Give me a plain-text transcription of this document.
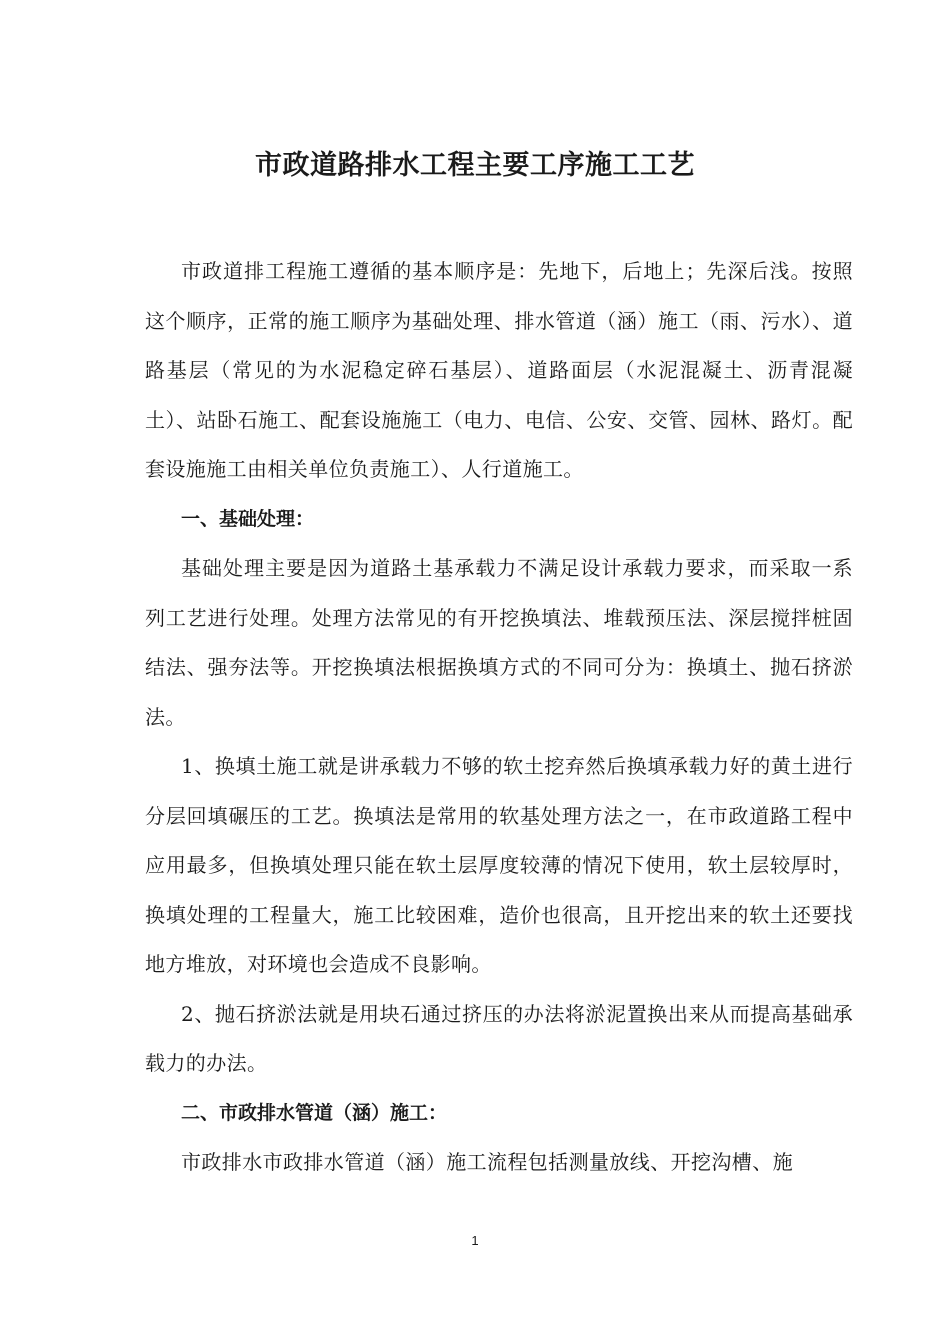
市政道路排水工程主要工序施工工艺

市政道排工程施工遵循的基本顺序是：先地下，后地上；先深后浅。按照这个顺序，正常的施工顺序为基础处理、排水管道（涵）施工（雨、污水）、道路基层（常见的为水泥稳定碎石基层）、道路面层（水泥混凝土、沥青混凝土）、站卧石施工、配套设施施工（电力、电信、公安、交管、园林、路灯。配套设施施工由相关单位负责施工）、人行道施工。

一、基础处理：

基础处理主要是因为道路土基承载力不满足设计承载力要求，而采取一系列工艺进行处理。处理方法常见的有开挖换填法、堆载预压法、深层搅拌桩固结法、强夯法等。开挖换填法根据换填方式的不同可分为：换填土、抛石挤淤法。

1、换填土施工就是讲承载力不够的软土挖弃然后换填承载力好的黄土进行分层回填碾压的工艺。换填法是常用的软基处理方法之一，在市政道路工程中应用最多，但换填处理只能在软土层厚度较薄的情况下使用，软土层较厚时，换填处理的工程量大，施工比较困难，造价也很高，且开挖出来的软土还要找地方堆放，对环境也会造成不良影响。

2、抛石挤淤法就是用块石通过挤压的办法将淤泥置换出来从而提高基础承载力的办法。

二、市政排水管道（涵）施工：

市政排水市政排水管道（涵）施工流程包括测量放线、开挖沟槽、施

1
